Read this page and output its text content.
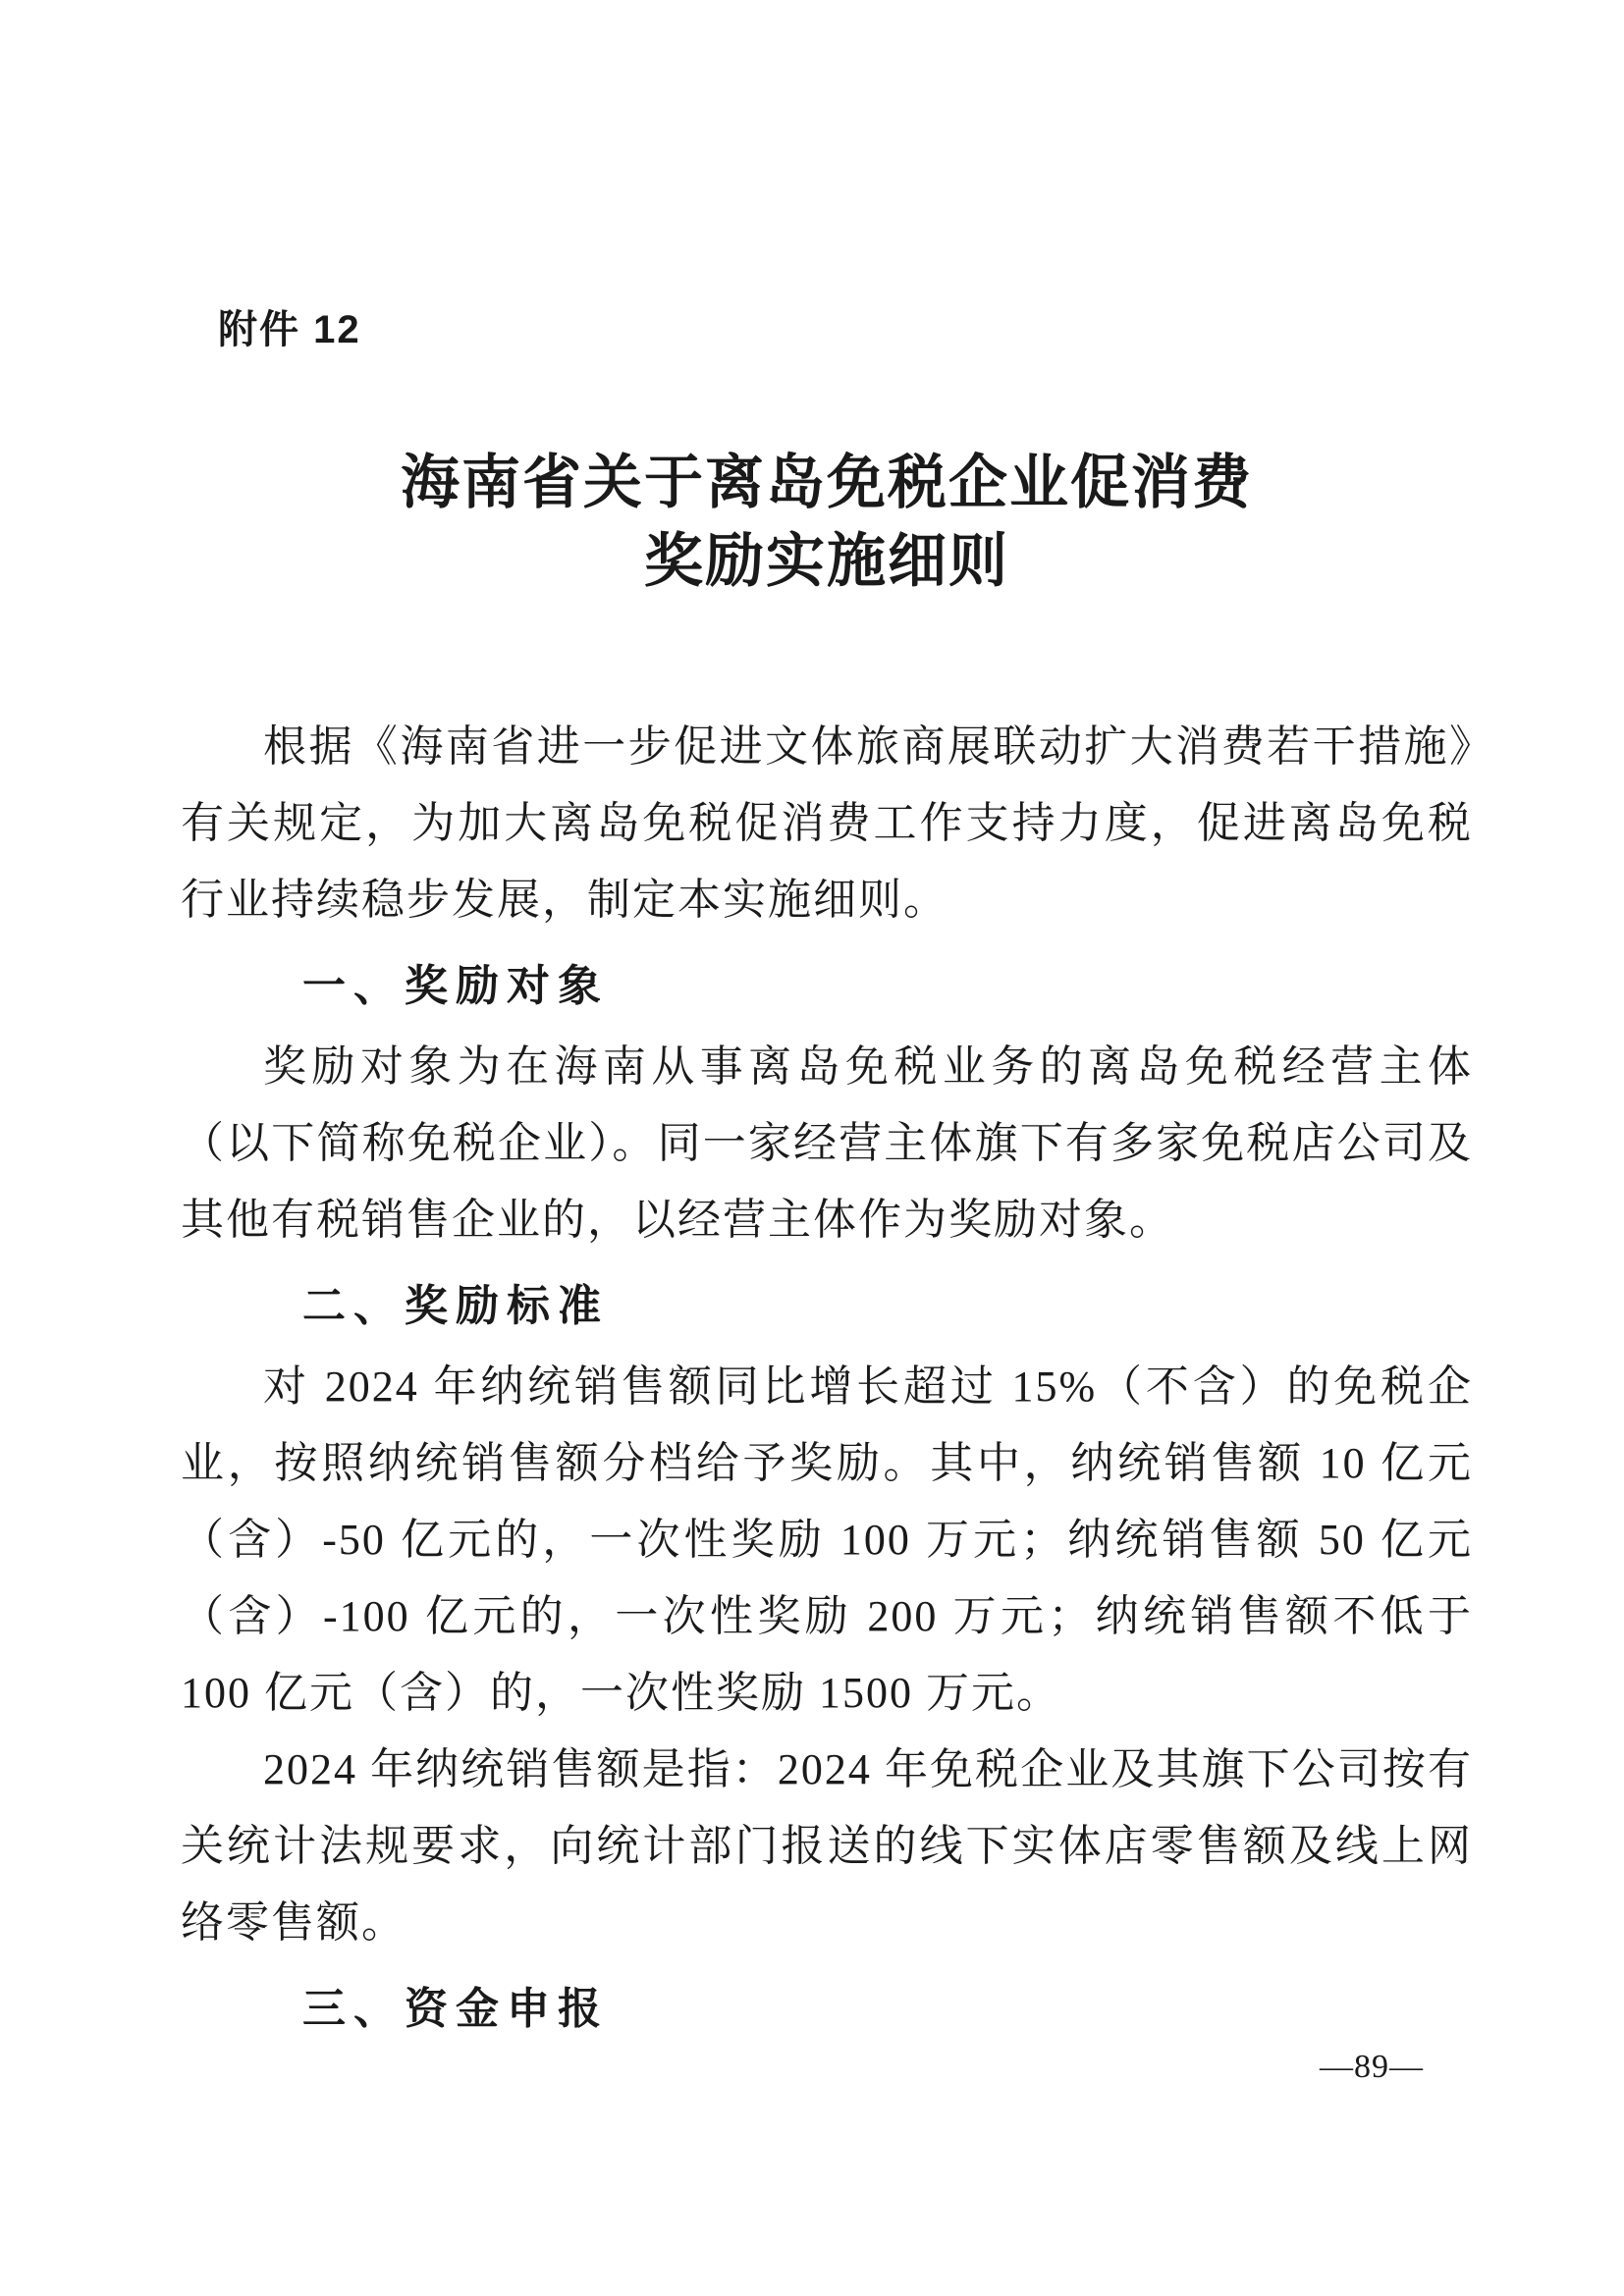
附件 12
海南省关于离岛免税企业促消费
奖励实施细则

根据《海南省进一步促进文体旅商展联动扩大消费若干措施》有关规定，为加大离岛免税促消费工作支持力度，促进离岛免税行业持续稳步发展，制定本实施细则。

一、奖励对象

奖励对象为在海南从事离岛免税业务的离岛免税经营主体（以下简称免税企业）。同一家经营主体旗下有多家免税店公司及其他有税销售企业的，以经营主体作为奖励对象。

二、奖励标准

对 2024 年纳统销售额同比增长超过 15%（不含）的免税企业，按照纳统销售额分档给予奖励。其中，纳统销售额 10 亿元（含）-50 亿元的，一次性奖励 100 万元；纳统销售额 50 亿元（含）-100 亿元的，一次性奖励 200 万元；纳统销售额不低于 100 亿元（含）的，一次性奖励 1500 万元。

2024 年纳统销售额是指：2024 年免税企业及其旗下公司按有关统计法规要求，向统计部门报送的线下实体店零售额及线上网络零售额。

三、资金申报
—89—
